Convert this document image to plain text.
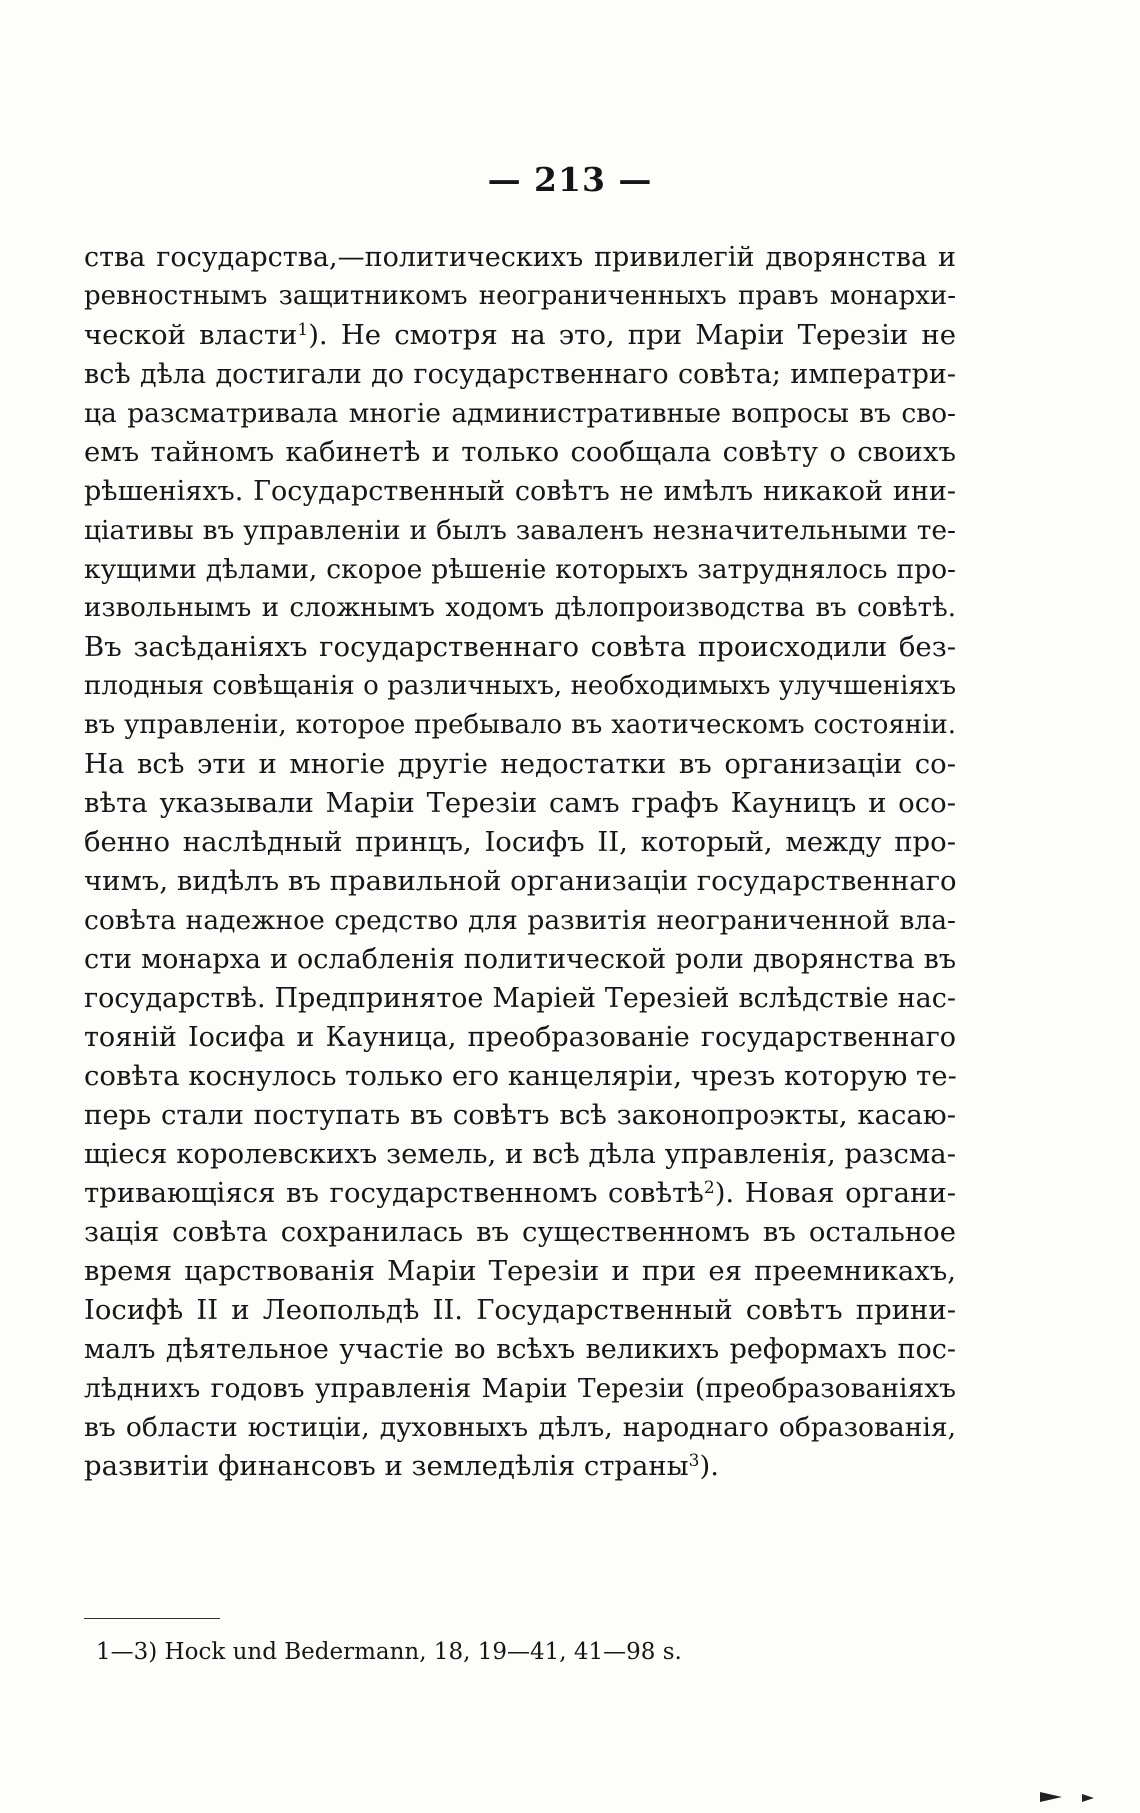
— 213 —
ства государства,—политическихъ привилегій дворянства и
ревностнымъ защитникомъ неограниченныхъ правъ монархи-
ческой власти$^1$). Не смотря на это, при Маріи Терезіи не
всѣ дѣла достигали до государственнаго совѣта; императри-
ца разсматривала многіе административные вопросы въ сво-
емъ тайномъ кабинетѣ и только сообщала совѣту о своихъ
рѣшеніяхъ. Государственный совѣтъ не имѣлъ никакой ини-
ціативы въ управленіи и былъ заваленъ незначительными те-
кущими дѣлами, скорое рѣшеніе которыхъ затруднялось про-
извольнымъ и сложнымъ ходомъ дѣлопроизводства въ совѣтѣ.
Въ засѣданіяхъ государственнаго совѣта происходили без-
плодныя совѣщанія о различныхъ, необходимыхъ улучшеніяхъ
въ управленіи, которое пребывало въ хаотическомъ состояніи.
На всѣ эти и многіе другіе недостатки въ организаціи со-
вѣта указывали Маріи Терезіи самъ графъ Кауницъ и осо-
бенно наслѣдный принцъ, Іосифъ II, который, между про-
чимъ, видѣлъ въ правильной организаціи государственнаго
совѣта надежное средство для развитія неограниченной вла-
сти монарха и ослабленія политической роли дворянства въ
государствѣ. Предпринятое Маріей Терезіей вслѣдствіе нас-
тояній Іосифа и Кауница, преобразованіе государственнаго
совѣта коснулось только его канцеляріи, чрезъ которую те-
перь стали поступать въ совѣтъ всѣ законопроэкты, касаю-
щіеся королевскихъ земель, и всѣ дѣла управленія, разсма-
тривающіяся въ государственномъ совѣтѣ$^2$). Новая органи-
зація совѣта сохранилась въ существенномъ въ остальное
время царствованія Маріи Терезіи и при ея преемникахъ,
Іосифѣ II и Леопольдѣ II. Государственный совѣтъ прини-
малъ дѣятельное участіе во всѣхъ великихъ реформахъ пос-
лѣднихъ годовъ управленія Маріи Терезіи (преобразованіяхъ
въ области юстиціи, духовныхъ дѣлъ, народнаго образованія,
развитіи финансовъ и земледѣлія страны$^3$).
1—3) Hock und Bedermann, 18, 19—41, 41—98 s.
